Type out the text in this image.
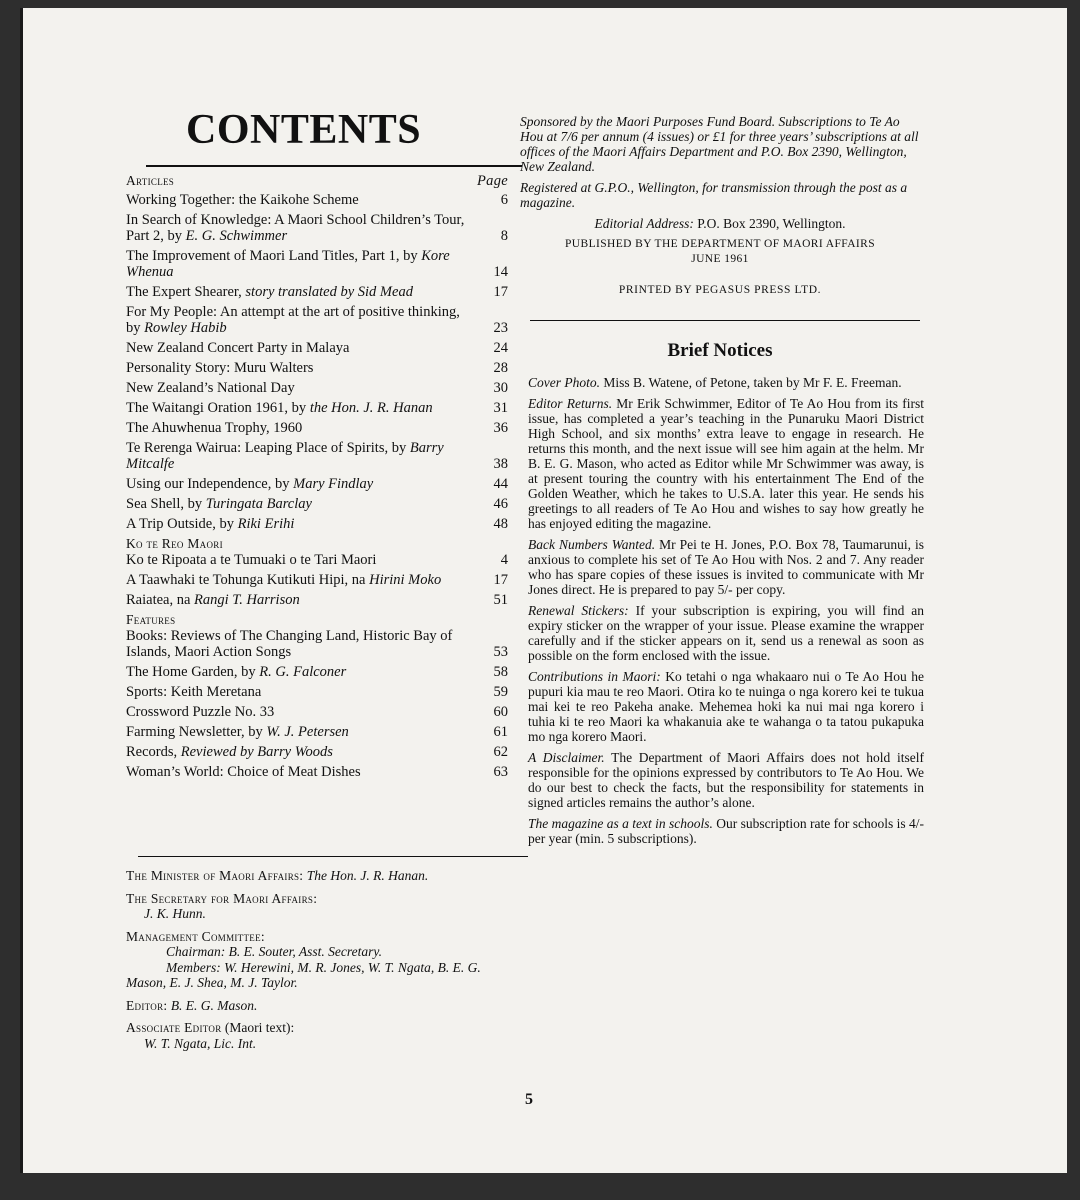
CONTENTS
Articles	Page
Working Together: the Kaikohe Scheme	6
In Search of Knowledge: A Maori School Children’s Tour, Part 2, by E. G. Schwimmer	8
The Improvement of Maori Land Titles, Part 1, by Kore Whenua	14
The Expert Shearer, story translated by Sid Mead	17
For My People: An attempt at the art of positive thinking, by Rowley Habib	23
New Zealand Concert Party in Malaya	24
Personality Story: Muru Walters	28
New Zealand’s National Day	30
The Waitangi Oration 1961, by the Hon. J. R. Hanan	31
The Ahuwhenua Trophy, 1960	36
Te Rerenga Wairua: Leaping Place of Spirits, by Barry Mitcalfe	38
Using our Independence, by Mary Findlay	44
Sea Shell, by Turingata Barclay	46
A Trip Outside, by Riki Erihi	48
Ko te Reo Maori
Ko te Ripoata a te Tumuaki o te Tari Maori	4
A Taawhaki te Tohunga Kutikuti Hipi, na Hirini Moko	17
Raiatea, na Rangi T. Harrison	51
Features
Books: Reviews of The Changing Land, Historic Bay of Islands, Maori Action Songs	53
The Home Garden, by R. G. Falconer	58
Sports: Keith Meretana	59
Crossword Puzzle No. 33	60
Farming Newsletter, by W. J. Petersen	61
Records, Reviewed by Barry Woods	62
Woman’s World: Choice of Meat Dishes	63

The Minister of Maori Affairs: The Hon. J. R. Hanan.

The Secretary for Maori Affairs:
J. K. Hunn.

Management Committee:
Chairman: B. E. Souter, Asst. Secretary.
Members: W. Herewini, M. R. Jones, W. T. Ngata, B. E. G. Mason, E. J. Shea, M. J. Taylor.

Editor: B. E. G. Mason.

Associate Editor (Maori text):
W. T. Ngata, Lic. Int.

Sponsored by the Maori Purposes Fund Board. Subscriptions to Te Ao Hou at 7/6 per annum (4 issues) or £1 for three years’ subscriptions at all offices of the Maori Affairs Department and P.O. Box 2390, Wellington, New Zealand.

Registered at G.P.O., Wellington, for transmission through the post as a magazine.

Editorial Address: P.O. Box 2390, Wellington.

PUBLISHED BY THE DEPARTMENT OF MAORI AFFAIRS
JUNE 1961

PRINTED BY PEGASUS PRESS LTD.

Brief Notices

Cover Photo. Miss B. Watene, of Petone, taken by Mr F. E. Freeman.

Editor Returns. Mr Erik Schwimmer, Editor of Te Ao Hou from its first issue, has completed a year’s teaching in the Punaruku Maori District High School, and six months’ extra leave to engage in research. He returns this month, and the next issue will see him again at the helm. Mr B. E. G. Mason, who acted as Editor while Mr Schwimmer was away, is at present touring the country with his entertainment The End of the Golden Weather, which he takes to U.S.A. later this year. He sends his greetings to all readers of Te Ao Hou and wishes to say how greatly he has enjoyed editing the magazine.

Back Numbers Wanted. Mr Pei te H. Jones, P.O. Box 78, Taumarunui, is anxious to complete his set of Te Ao Hou with Nos. 2 and 7. Any reader who has spare copies of these issues is invited to communicate with Mr Jones direct. He is prepared to pay 5/- per copy.

Renewal Stickers: If your subscription is expiring, you will find an expiry sticker on the wrapper of your issue. Please examine the wrapper carefully and if the sticker appears on it, send us a renewal as soon as possible on the form enclosed with the issue.

Contributions in Maori: Ko tetahi o nga whakaaro nui o Te Ao Hou he pupuri kia mau te reo Maori. Otira ko te nuinga o nga korero kei te tukua mai kei te reo Pakeha anake. Mehemea hoki ka nui mai nga korero i tuhia ki te reo Maori ka whakanuia ake te wahanga o ta tatou pukapuka mo nga korero Maori.

A Disclaimer. The Department of Maori Affairs does not hold itself responsible for the opinions expressed by contributors to Te Ao Hou. We do our best to check the facts, but the responsibility for statements in signed articles remains the author’s alone.

The magazine as a text in schools. Our subscription rate for schools is 4/- per year (min. 5 subscriptions).

5
